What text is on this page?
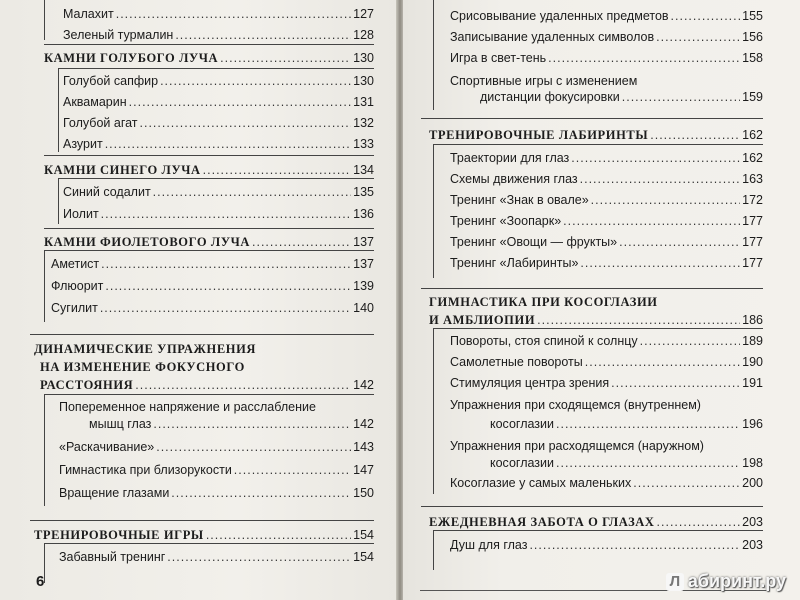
Малахит .....	127
Зеленый турмалин .....	128
КАМНИ ГОЛУБОГО ЛУЧА .....	130
Голубой сапфир .....	130
Аквамарин .....	131
Голубой агат .....	132
Азурит .....	133
КАМНИ СИНЕГО ЛУЧА .....	134
Синий содалит .....	135
Иолит .....	136
КАМНИ ФИОЛЕТОВОГО ЛУЧА .....	137
Аметист .....	137
Флюорит .....	139
Сугилит .....	140
ДИНАМИЧЕСКИЕ УПРАЖНЕНИЯ
НА ИЗМЕНЕНИЕ ФОКУСНОГО
РАССТОЯНИЯ .....	142
Попеременное напряжение и расслабление
мышц глаз .....	142
«Раскачивание» .....	143
Гимнастика при близорукости .....	147
Вращение глазами .....	150
ТРЕНИРОВОЧНЫЕ ИГРЫ .....	154
Забавный тренинг .....	154
6
Срисовывание удаленных предметов .....	155
Записывание удаленных символов .....	156
Игра в свет-тень .....	158
Спортивные игры с изменением
дистанции фокусировки .....	159
ТРЕНИРОВОЧНЫЕ ЛАБИРИНТЫ .....	162
Траектории для глаз .....	162
Схемы движения глаз .....	163
Тренинг «Знак в овале» .....	172
Тренинг «Зоопарк» .....	177
Тренинг «Овощи — фрукты» .....	177
Тренинг «Лабиринты» .....	177
ГИМНАСТИКА ПРИ КОСОГЛАЗИИ
И АМБЛИОПИИ .....	186
Повороты, стоя спиной к солнцу .....	189
Самолетные повороты .....	190
Стимуляция центра зрения .....	191
Упражнения при сходящемся (внутреннем)
косоглазии .....	196
Упражнения при расходящемся (наружном)
косоглазии .....	198
Косоглазие у самых маленьких .....	200
ЕЖЕДНЕВНАЯ ЗАБОТА О ГЛАЗАХ .....	203
Душ для глаз .....	203
Л абиринт.ру
